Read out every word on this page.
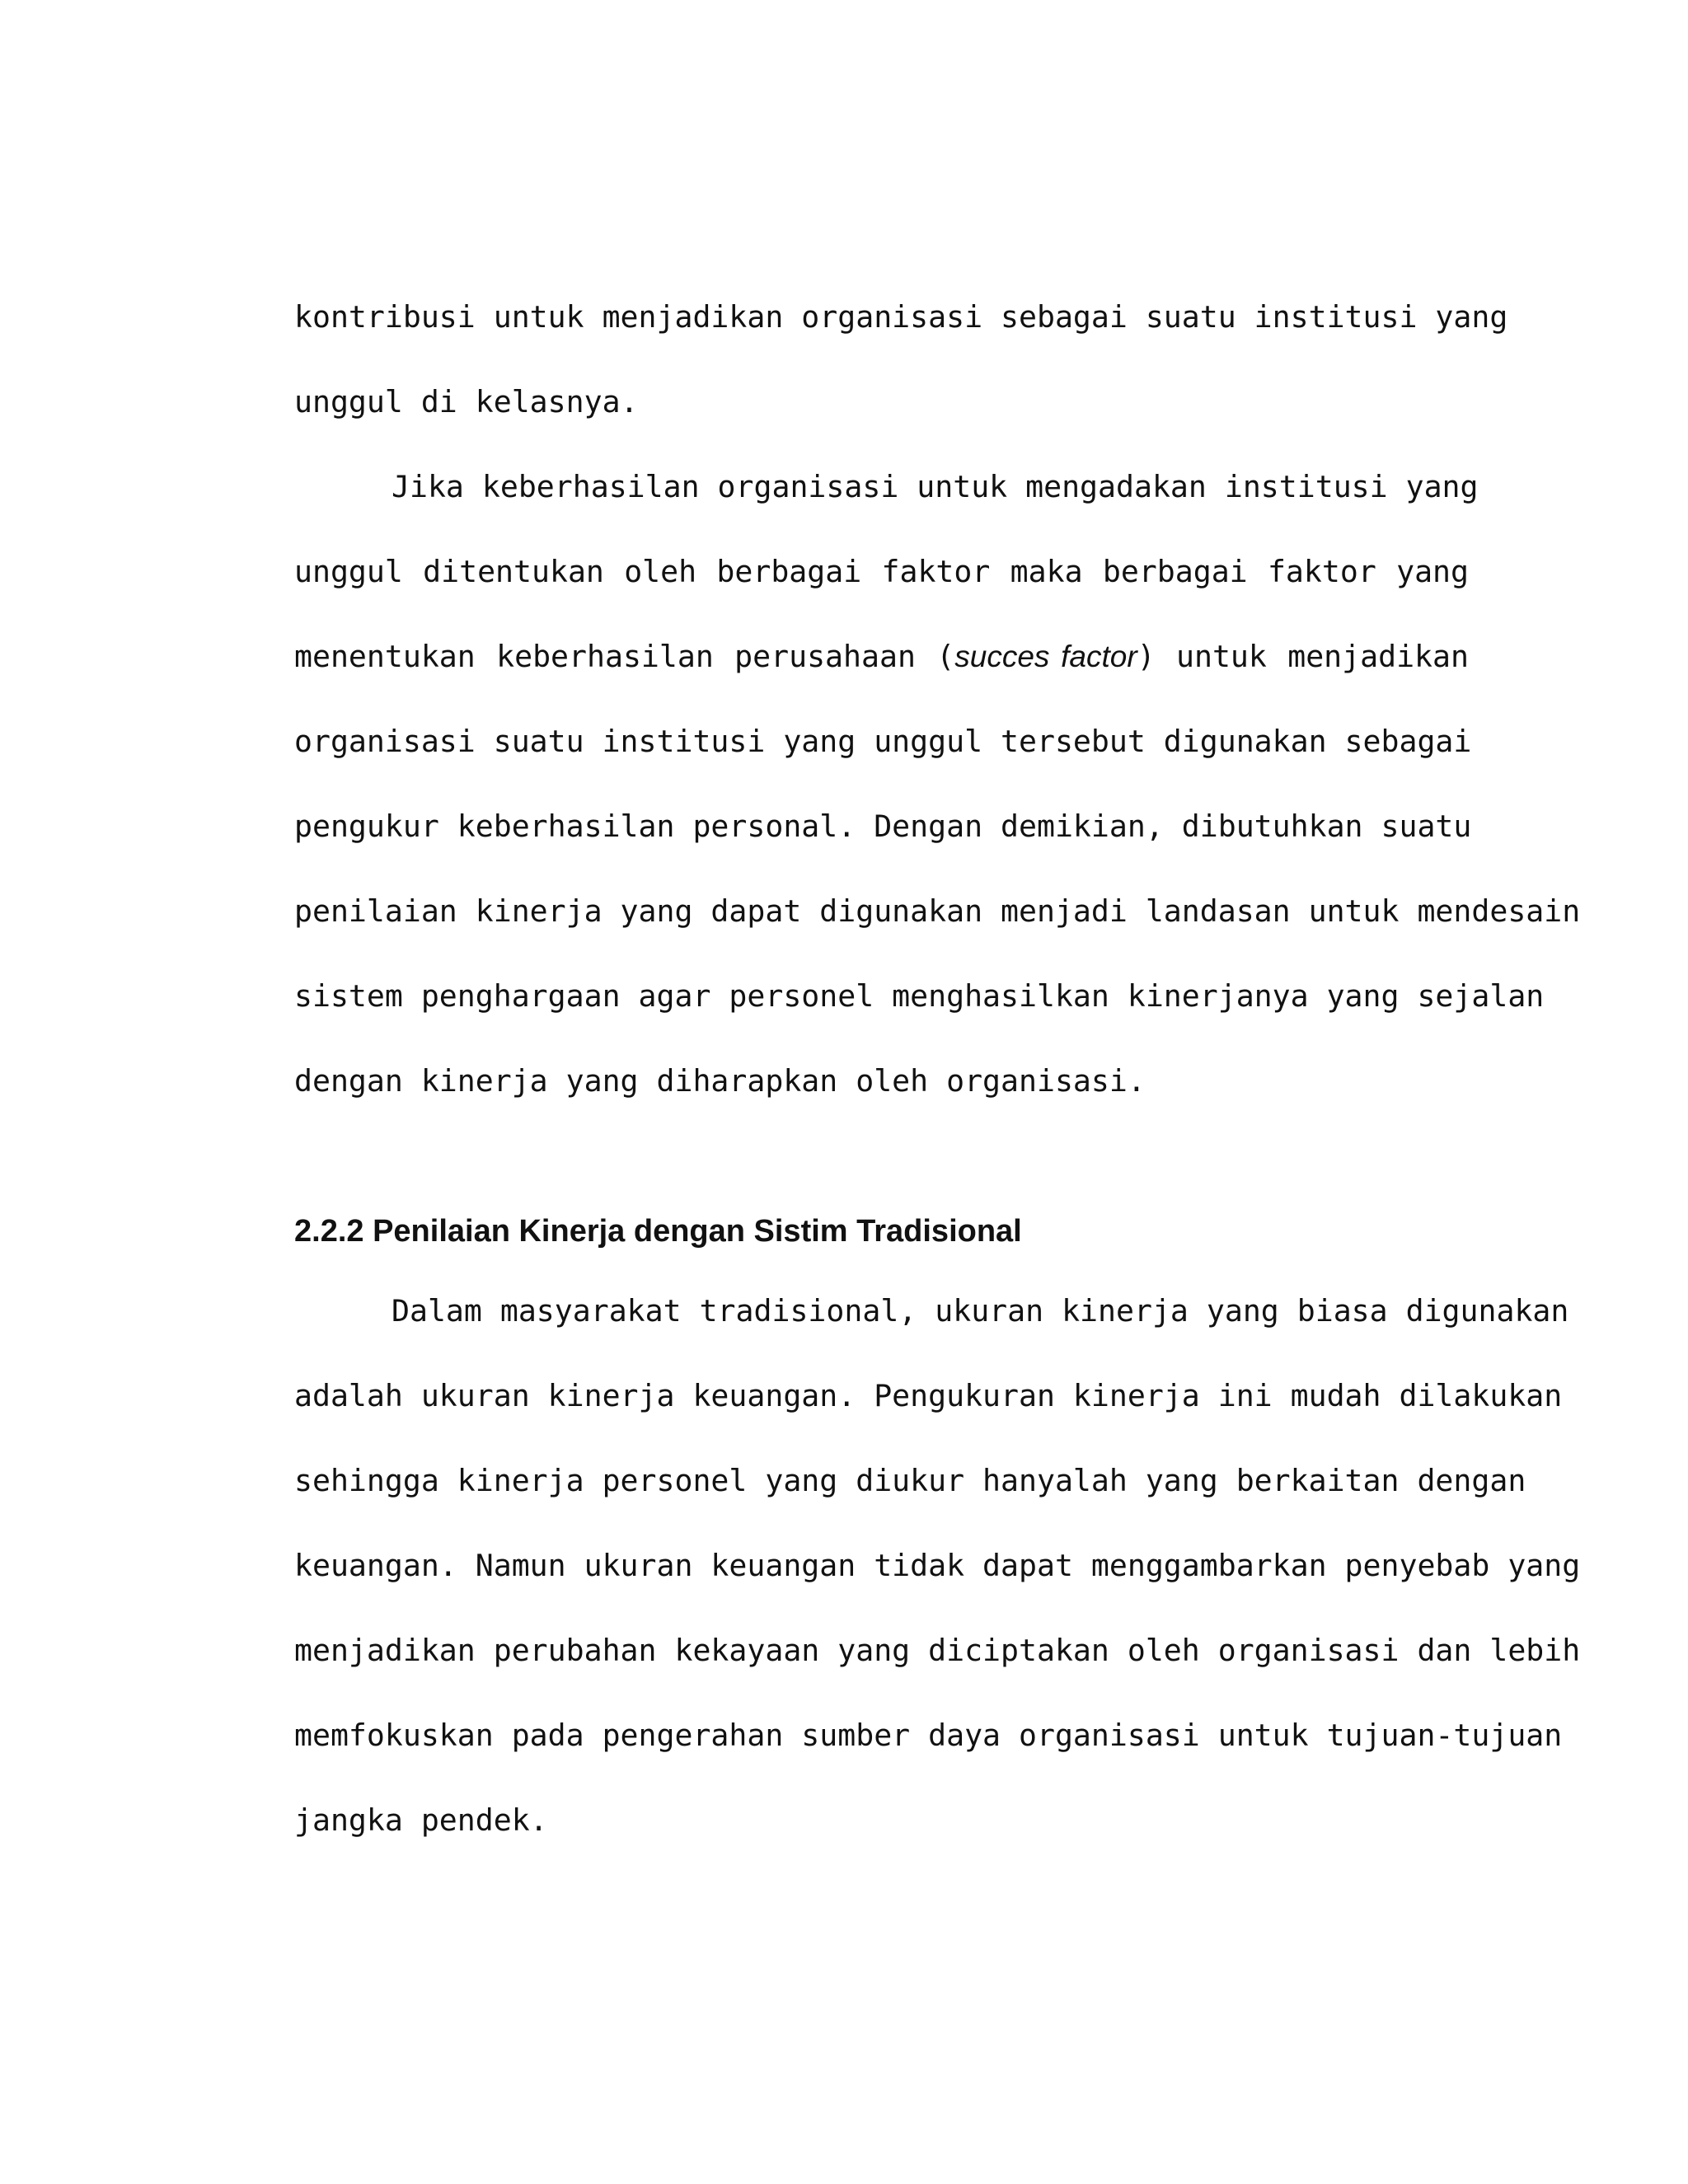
kontribusi untuk menjadikan organisasi sebagai suatu institusi yang
unggul di kelasnya.
Jika keberhasilan organisasi untuk mengadakan institusi yang
unggul ditentukan oleh berbagai faktor maka berbagai faktor yang
menentukan keberhasilan perusahaan (succes factor) untuk menjadikan
organisasi suatu institusi yang unggul tersebut digunakan sebagai
pengukur keberhasilan personal. Dengan demikian, dibutuhkan suatu
penilaian kinerja yang dapat digunakan menjadi landasan untuk mendesain
sistem penghargaan agar personel menghasilkan kinerjanya yang sejalan
dengan kinerja yang diharapkan oleh organisasi.
2.2.2 Penilaian Kinerja dengan Sistim Tradisional
Dalam masyarakat tradisional, ukuran kinerja yang biasa digunakan
adalah ukuran kinerja keuangan. Pengukuran kinerja ini mudah dilakukan
sehingga kinerja personel yang diukur hanyalah yang berkaitan dengan
keuangan. Namun ukuran keuangan tidak dapat menggambarkan penyebab yang
menjadikan perubahan kekayaan yang diciptakan oleh organisasi dan lebih
memfokuskan pada pengerahan sumber daya organisasi untuk tujuan-tujuan
jangka pendek.
